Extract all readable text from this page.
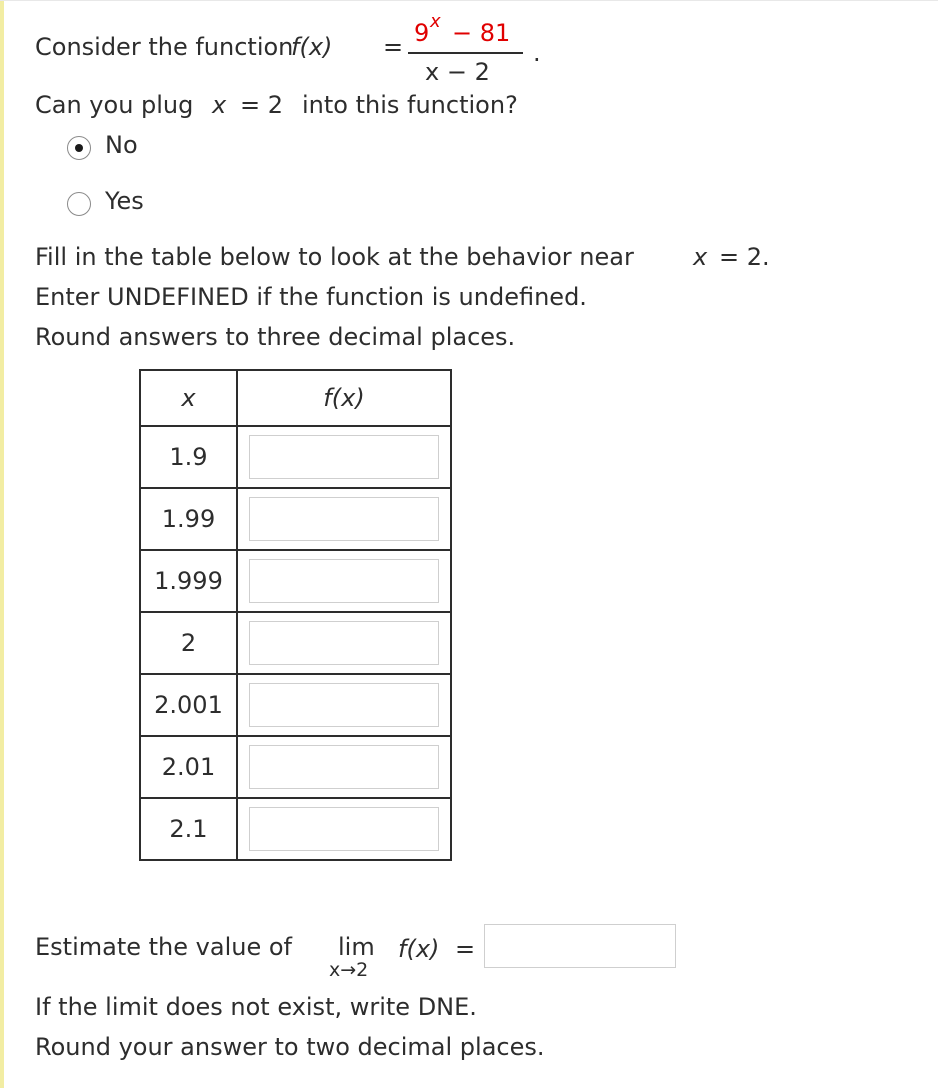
Consider the function
f(x) = 9 x − 81
x − 2
.
Can you plug x = 2 into this function?
No
Yes
Fill in the table below to look at the behavior near x = 2.
Enter UNDEFINED if the function is undefined.
Round answers to three decimal places.
x	f(x)
1.9	

1.99	

1.999	

2	

2.001	

2.01	

2.1	
Estimate the value of lim
x→2
f(x) =
If the limit does not exist, write DNE.
Round your answer to two decimal places.
